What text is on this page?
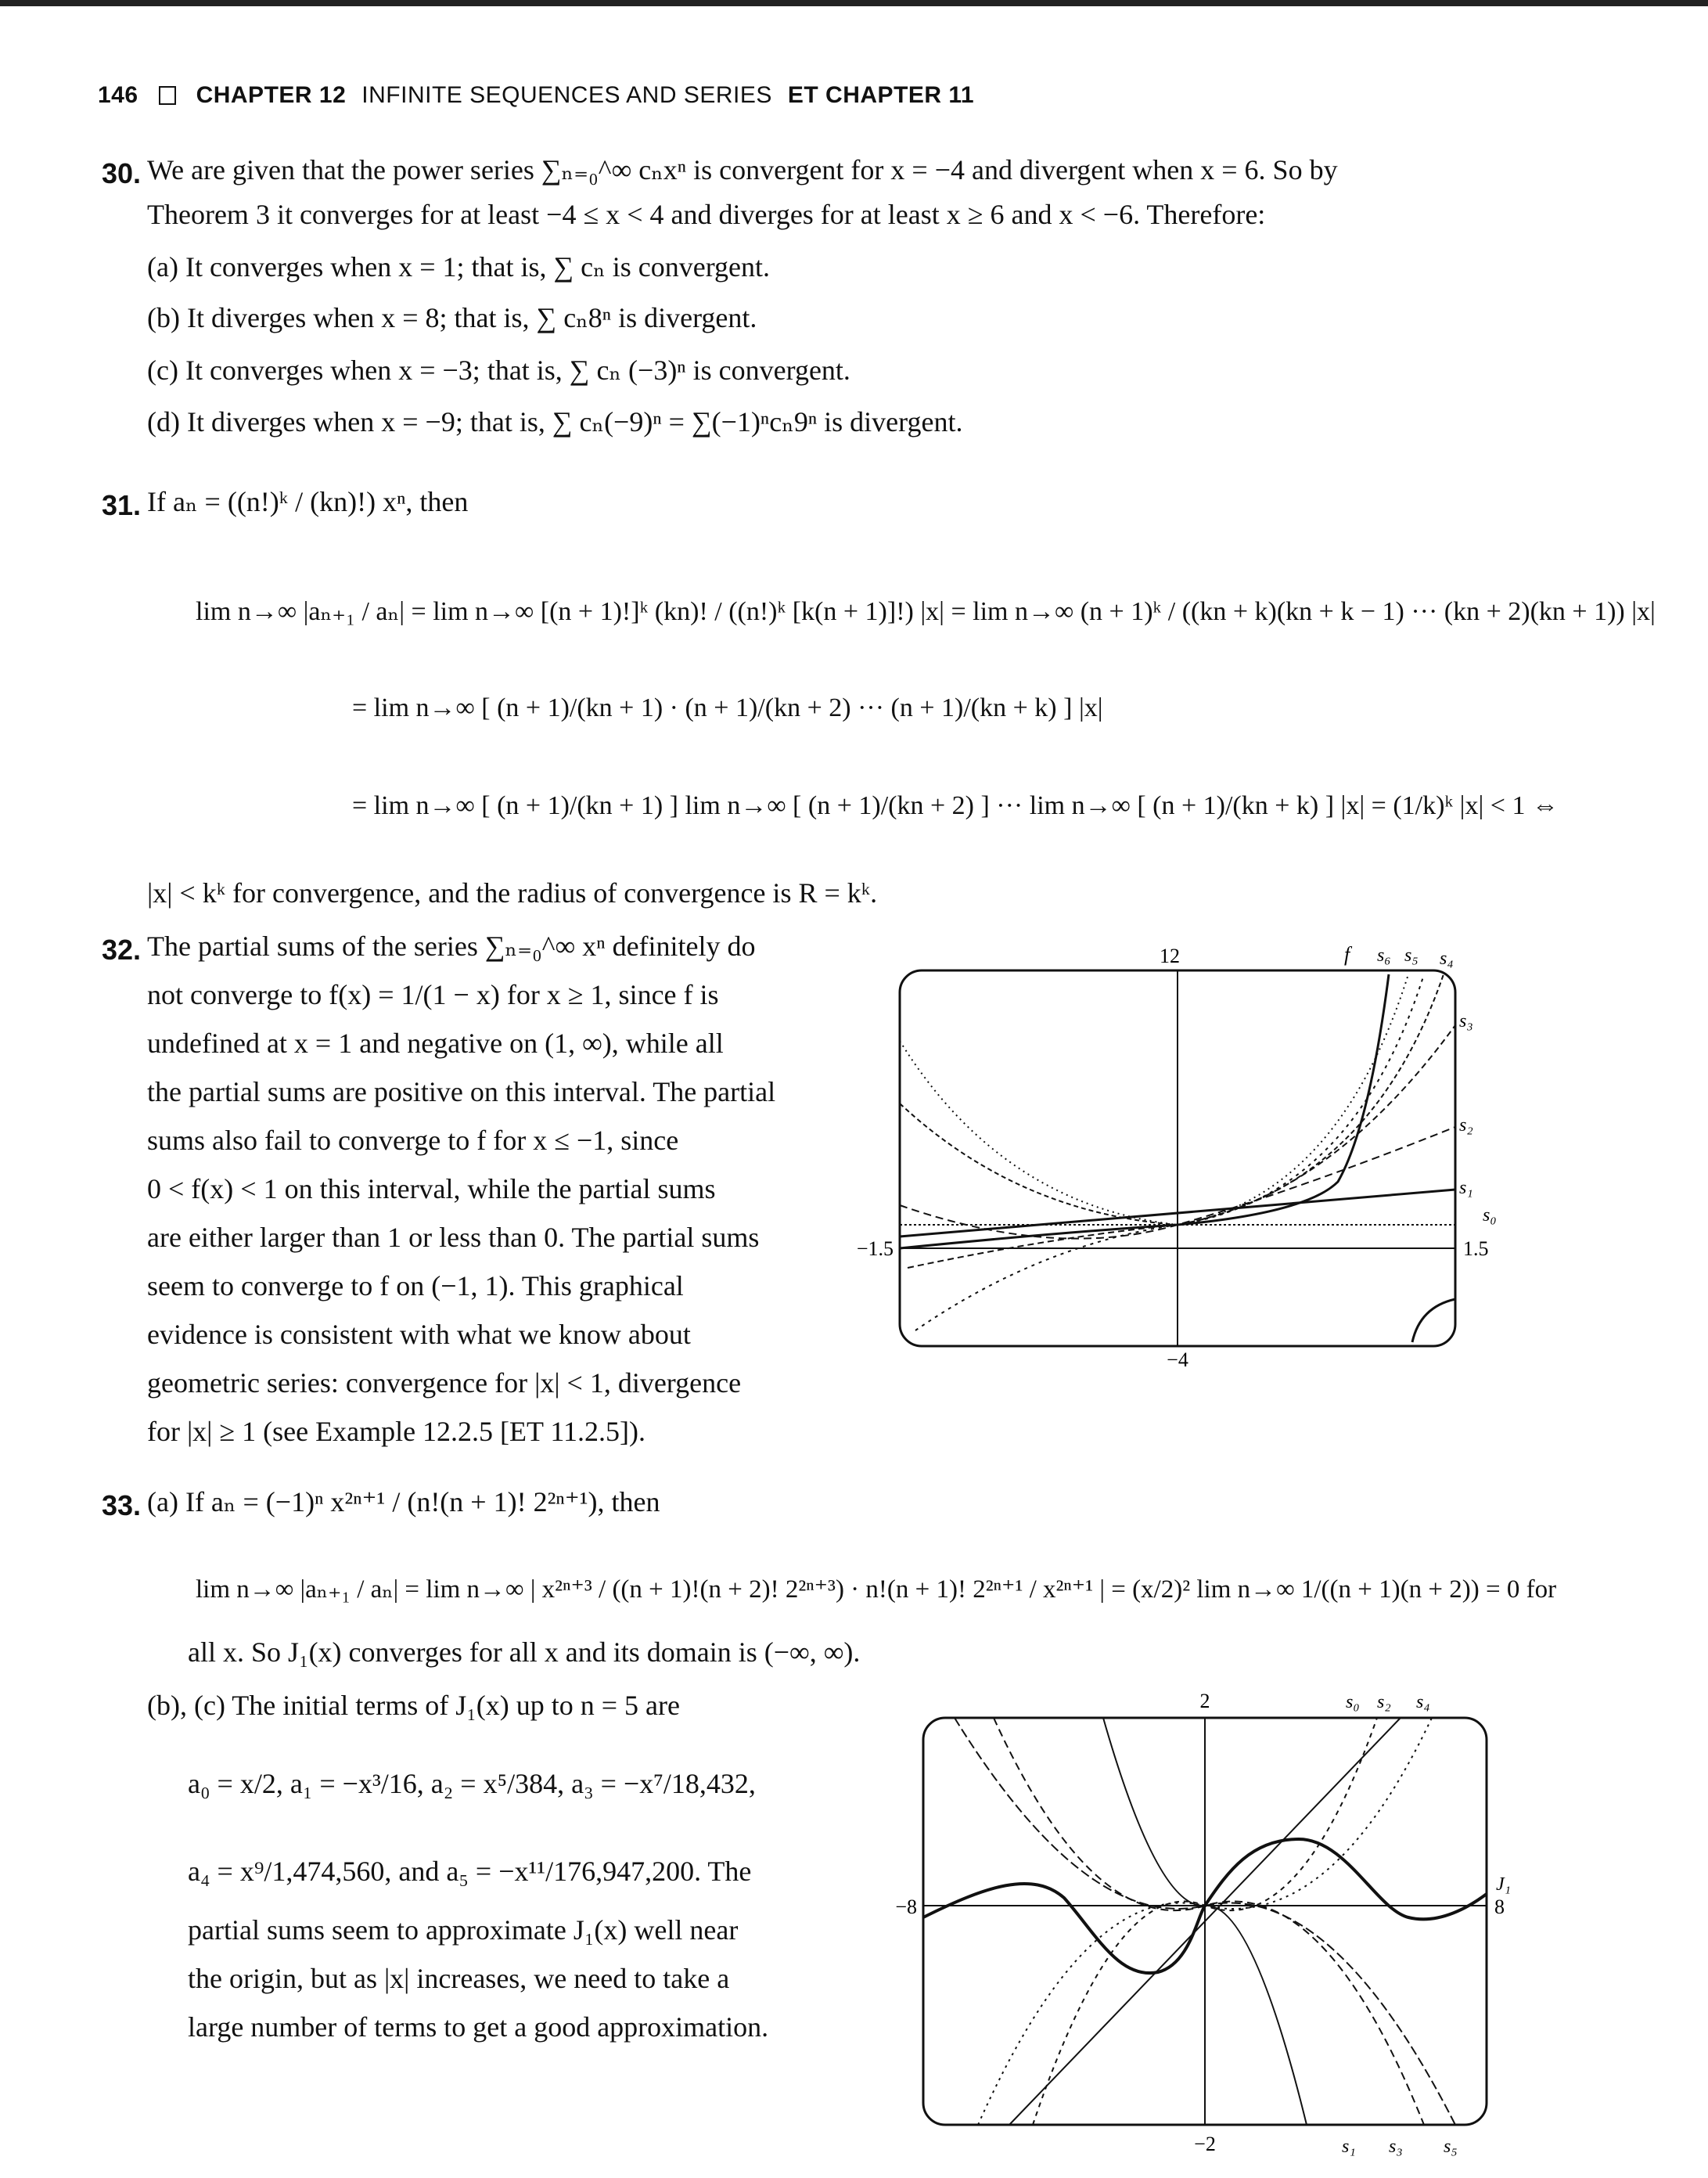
146 CHAPTER 12 INFINITE SEQUENCES AND SERIES ET CHAPTER 11
30. We are given that the power series ∑ₙ₌₀^∞ cₙxⁿ is convergent for x = −4 and divergent when x = 6. So by
Theorem 3 it converges for at least −4 ≤ x < 4 and diverges for at least x ≥ 6 and x < −6. Therefore:
(a) It converges when x = 1; that is, ∑ cₙ is convergent.
(b) It diverges when x = 8; that is, ∑ cₙ8ⁿ is divergent.
(c) It converges when x = −3; that is, ∑ cₙ (−3)ⁿ is convergent.
(d) It diverges when x = −9; that is, ∑ cₙ(−9)ⁿ = ∑(−1)ⁿcₙ9ⁿ is divergent.
31. If aₙ = ((n!)ᵏ / (kn)!) xⁿ, then
lim n→∞ |aₙ₊₁ / aₙ| = lim n→∞ [(n + 1)!]ᵏ (kn)! / ((n!)ᵏ [k(n + 1)]!) |x| = lim n→∞ (n + 1)ᵏ / ((kn + k)(kn + k − 1) ··· (kn + 2)(kn + 1)) |x|
= lim n→∞ [ (n + 1)/(kn + 1) · (n + 1)/(kn + 2) ··· (n + 1)/(kn + k) ] |x|
= lim n→∞ [ (n + 1)/(kn + 1) ] lim n→∞ [ (n + 1)/(kn + 2) ] ··· lim n→∞ [ (n + 1)/(kn + k) ] |x| = (1/k)ᵏ |x| < 1 ⇔
|x| < kᵏ for convergence, and the radius of convergence is R = kᵏ.
32. The partial sums of the series ∑ₙ₌₀^∞ xⁿ definitely do
not converge to f(x) = 1/(1 − x) for x ≥ 1, since f is
undefined at x = 1 and negative on (1, ∞), while all
the partial sums are positive on this interval. The partial
sums also fail to converge to f for x ≤ −1, since
0 < f(x) < 1 on this interval, while the partial sums
are either larger than 1 or less than 0. The partial sums
seem to converge to f on (−1, 1). This graphical
evidence is consistent with what we know about
geometric series: convergence for |x| < 1, divergence
for |x| ≥ 1 (see Example 12.2.5 [ET 11.2.5]).
12
−4
−1.5	1.5
f s₆ s₅ s₄
s₃
s₂
s₁
s₀
33. (a) If aₙ = (−1)ⁿ x²ⁿ⁺¹ / (n!(n + 1)! 2²ⁿ⁺¹), then
lim n→∞ |aₙ₊₁ / aₙ| = lim n→∞ | x²ⁿ⁺³ / ((n + 1)!(n + 2)! 2²ⁿ⁺³) · n!(n + 1)! 2²ⁿ⁺¹ / x²ⁿ⁺¹ | = (x/2)² lim n→∞ 1/((n + 1)(n + 2)) = 0 for
all x. So J₁(x) converges for all x and its domain is (−∞, ∞).
(b), (c) The initial terms of J₁(x) up to n = 5 are
a₀ = x/2, a₁ = −x³/16, a₂ = x⁵/384, a₃ = −x⁷/18,432,
a₄ = x⁹/1,474,560, and a₅ = −x¹¹/176,947,200. The
partial sums seem to approximate J₁(x) well near
the origin, but as |x| increases, we need to take a
large number of terms to get a good approximation.
2
−2
−8	8
s₀ s₂ s₄
J₁
s₁ s₃ s₅
